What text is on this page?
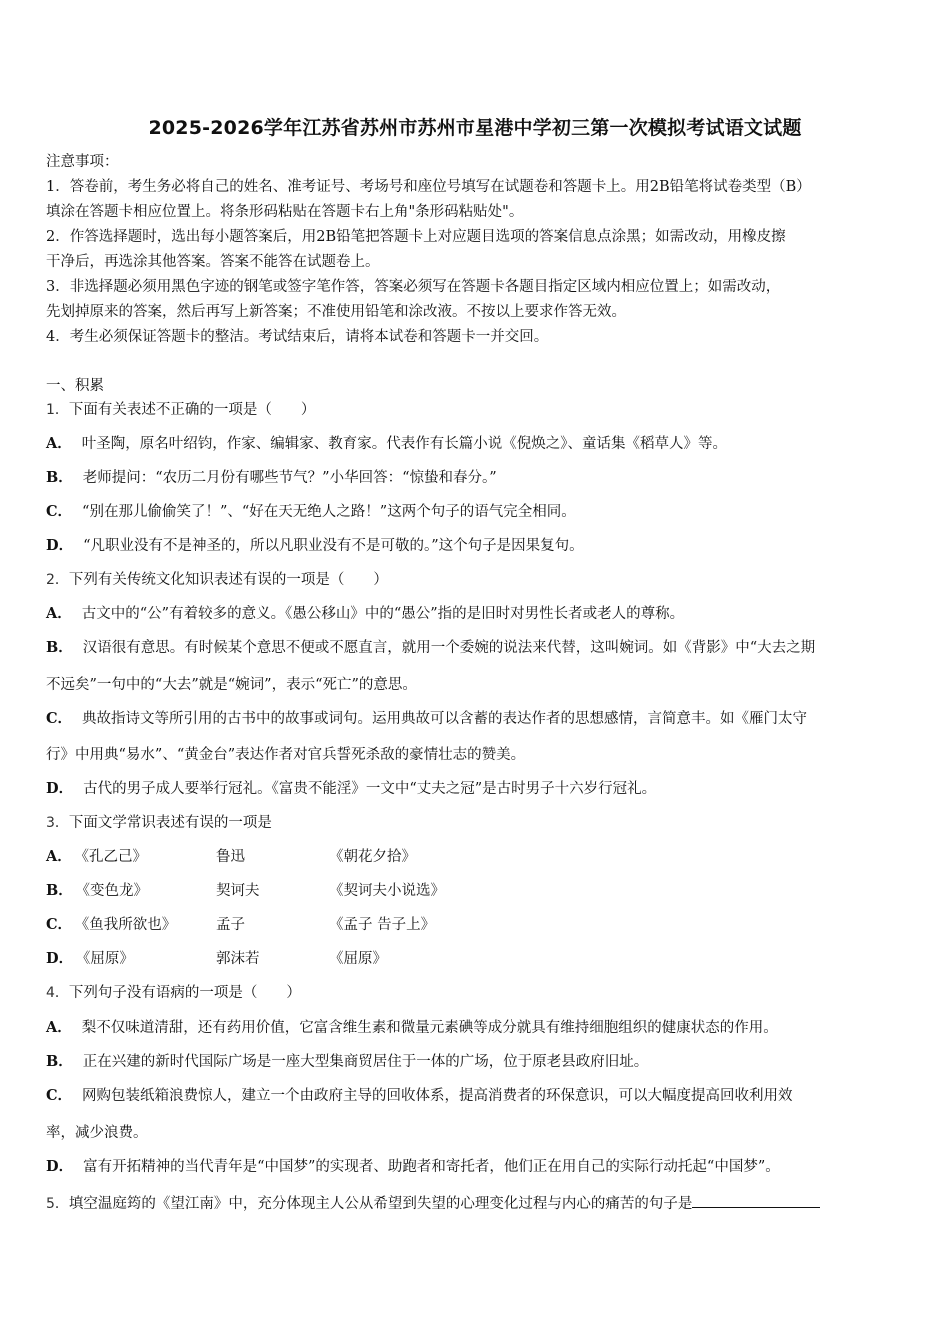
2025-2026学年江苏省苏州市苏州市星港中学初三第一次模拟考试语文试题
注意事项：
1．答卷前，考生务必将自己的姓名、准考证号、考场号和座位号填写在试题卷和答题卡上。用2B铅笔将试卷类型（B）
填涂在答题卡相应位置上。将条形码粘贴在答题卡右上角"条形码粘贴处"。
2．作答选择题时，选出每小题答案后，用2B铅笔把答题卡上对应题目选项的答案信息点涂黑；如需改动，用橡皮擦
干净后，再选涂其他答案。答案不能答在试题卷上。
3．非选择题必须用黑色字迹的钢笔或签字笔作答，答案必须写在答题卡各题目指定区域内相应位置上；如需改动，
先划掉原来的答案，然后再写上新答案；不准使用铅笔和涂改液。不按以上要求作答无效。
4．考生必须保证答题卡的整洁。考试结束后，请将本试卷和答题卡一并交回。
一、积累
1．下面有关表述不正确的一项是（　　）
A． 叶圣陶，原名叶绍钧，作家、编辑家、教育家。代表作有长篇小说《倪焕之》、童话集《稻草人》等。
B． 老师提问：“农历二月份有哪些节气？”小华回答：“惊蛰和春分。”
C． “别在那儿偷偷笑了！”、“好在天无绝人之路！”这两个句子的语气完全相同。
D． “凡职业没有不是神圣的，所以凡职业没有不是可敬的。”这个句子是因果复句。
2．下列有关传统文化知识表述有误的一项是（　　）
A． 古文中的“公”有着较多的意义。《愚公移山》中的“愚公”指的是旧时对男性长者或老人的尊称。
B． 汉语很有意思。有时候某个意思不便或不愿直言，就用一个委婉的说法来代替，这叫婉词。如《背影》中“大去之期
不远矣”一句中的“大去”就是“婉词”，表示“死亡”的意思。
C． 典故指诗文等所引用的古书中的故事或词句。运用典故可以含蓄的表达作者的思想感情，言简意丰。如《雁门太守
行》中用典“易水”、“黄金台”表达作者对官兵誓死杀敌的豪情壮志的赞美。
D． 古代的男子成人要举行冠礼。《富贵不能淫》一文中“丈夫之冠”是古时男子十六岁行冠礼。
3．下面文学常识表述有误的一项是
A． 《孔乙己》	鲁迅	《朝花夕拾》
B． 《变色龙》	契诃夫	《契诃夫小说选》
C． 《鱼我所欲也》	孟子	《孟子 告子上》
D． 《屈原》	郭沫若	《屈原》
4．下列句子没有语病的一项是（　　）
A． 梨不仅味道清甜，还有药用价值，它富含维生素和微量元素碘等成分就具有维持细胞组织的健康状态的作用。
B． 正在兴建的新时代国际广场是一座大型集商贸居住于一体的广场，位于原老县政府旧址。
C． 网购包装纸箱浪费惊人，建立一个由政府主导的回收体系，提高消费者的环保意识，可以大幅度提高回收利用效
率，减少浪费。
D． 富有开拓精神的当代青年是“中国梦”的实现者、助跑者和寄托者，他们正在用自己的实际行动托起“中国梦”。
5．填空温庭筠的《望江南》中，充分体现主人公从希望到失望的心理变化过程与内心的痛苦的句子是
